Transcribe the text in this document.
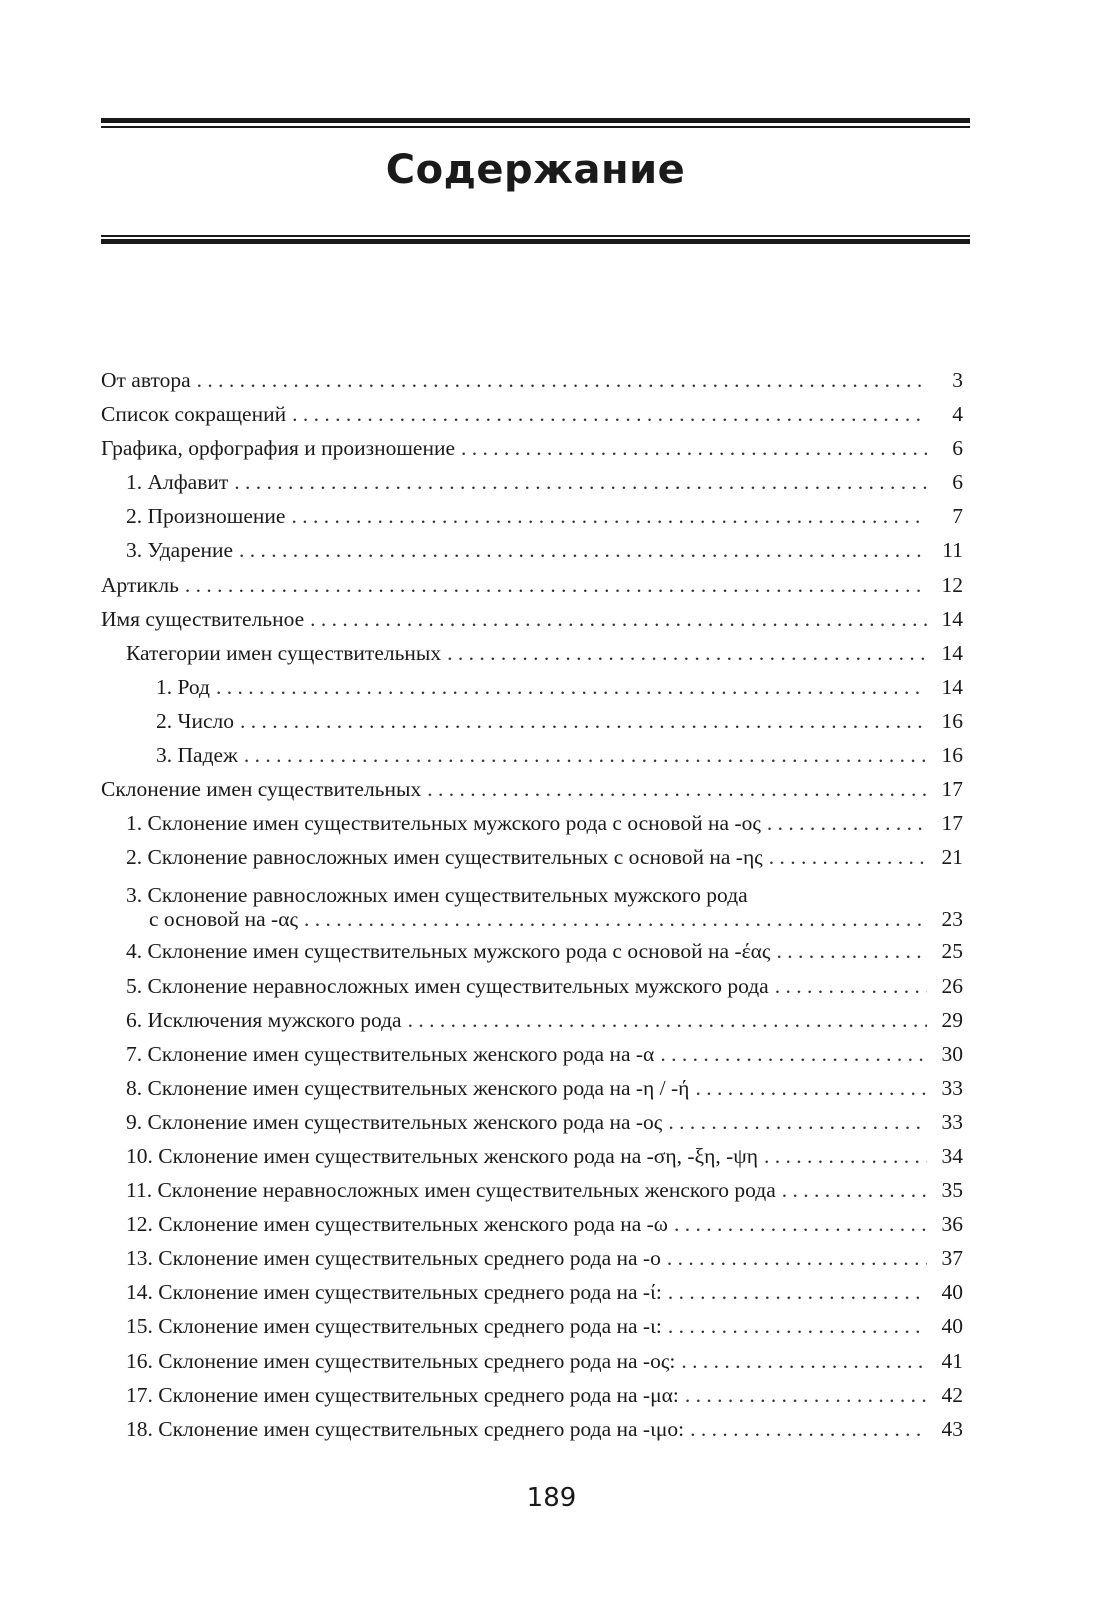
Содержание
От автора . . .	3
Список сокращений . . .	4
Графика, орфография и произношение . . .	6
1. Алфавит . . .	6
2. Произношение . . .	7
3. Ударение . . .	11
Артикль . . .	12
Имя существительное . . .	14
Категории имен существительных . . .	14
1. Род . . .	14
2. Число . . .	16
3. Падеж . . .	16
Склонение имен существительных . . .	17
1. Склонение имен существительных мужского рода с основой на -ος . . .	17
2. Склонение равносложных имен существительных с основой на -ης . . .	21
3. Склонение равносложных имен существительных мужского рода
с основой на -ας . . .	23
4. Склонение имен существительных мужского рода с основой на -έας . . .	25
5. Склонение неравносложных имен существительных мужского рода . . .	26
6. Исключения мужского рода . . .	29
7. Склонение имен существительных женского рода на -α . . .	30
8. Склонение имен существительных женского рода на -η / -ή . . .	33
9. Склонение имен существительных женского рода на -ος . . .	33
10. Склонение имен существительных женского рода на -ση, -ξη, -ψη . . .	34
11. Склонение неравносложных имен существительных женского рода . . .	35
12. Склонение имен существительных женского рода на -ω . . .	36
13. Склонение имен существительных среднего рода на -ο . . .	37
14. Склонение имен существительных среднего рода на -ί: . . .	40
15. Склонение имен существительных среднего рода на -ι: . . .	40
16. Склонение имен существительных среднего рода на -ος: . . .	41
17. Склонение имен существительных среднего рода на -μα: . . .	42
18. Склонение имен существительных среднего рода на -ιμο: . . .	43
189
